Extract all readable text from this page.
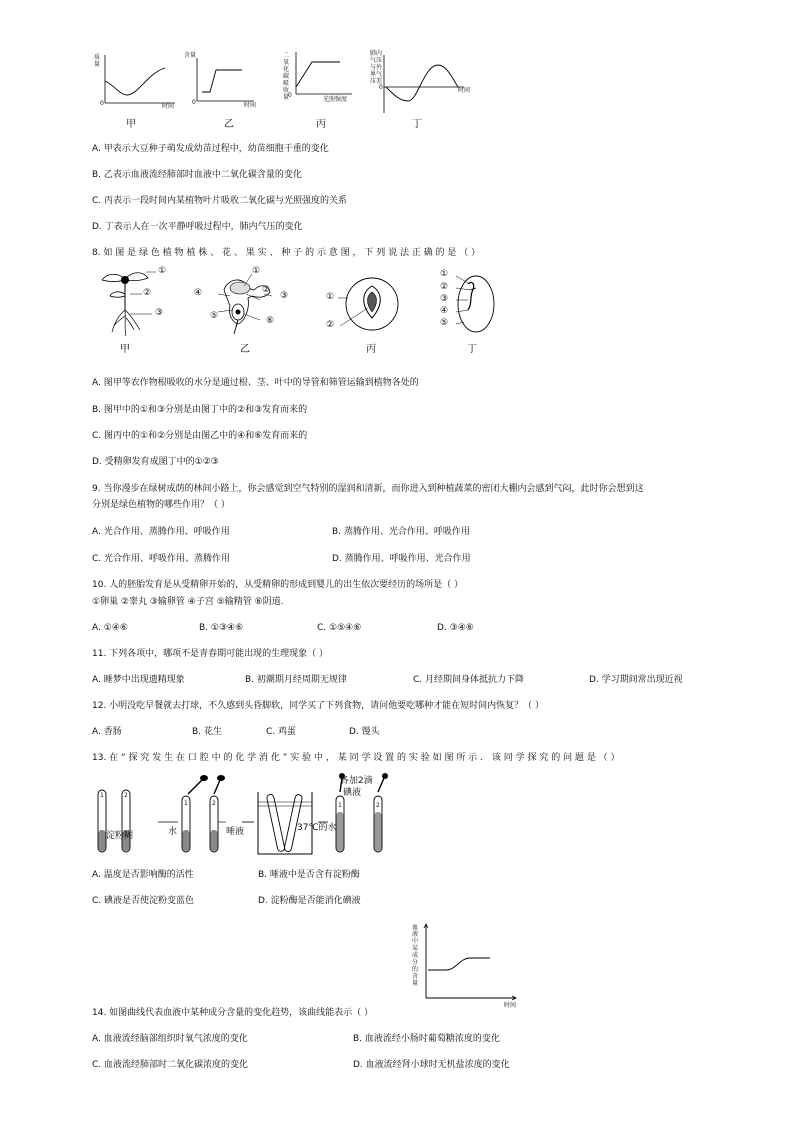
质量
0	时间
甲
含量
0	时间
乙
二氧化碳吸收量
0
光照强度
丙
肺内气压与外界气压差
0	时间
丁
A. 甲表示大豆种子萌发成幼苗过程中，幼苗细胞干重的变化
B. 乙表示血液流经肺部时血液中二氧化碳含量的变化
C. 丙表示一段时间内某植物叶片吸收二氧化碳与光照强度的关系
D. 丁表示人在一次平静呼吸过程中，肺内气压的变化
8. 如 图 是 绿 色 植 物 植 株 、 花 、 果 实 、 种 子 的 示 意 图 ， 下 列 说 法 正 确 的 是 （ ）
①
②
③
甲
①
②
③
④
⑤	⑥
乙
①
②
丙
①
②
③
④
⑤
丁
A. 图甲等农作物根吸收的水分是通过根、茎、叶中的导管和筛管运输到植物各处的
B. 图甲中的①和③分别是由图丁中的②和③发育而来的
C. 图丙中的①和②分别是由图乙中的④和⑥发育而来的
D. 受精卵发育成图丁中的①②③
9. 当你漫步在绿树成荫的林间小路上，你会感觉到空气特别的湿润和清新，而你进入到种植蔬菜的密闭大棚内会感到气闷，此时你会想到这
分别是绿色植物的哪些作用？（ ）
A. 光合作用、蒸腾作用、呼吸作用	B. 蒸腾作用、光合作用、呼吸作用
C. 光合作用、呼吸作用、蒸腾作用	D. 蒸腾作用、呼吸作用、光合作用
10. 人的胚胎发育是从受精卵开始的，从受精卵的形成到婴儿的出生依次要经历的场所是（ ）
①卵巢 ②睾丸 ③输卵管 ④子宫 ⑤输精管 ⑥阴道.
A. ①④⑥	B. ①③④⑥	C. ①⑤④⑥	D. ③④⑥
11. 下列各项中，哪项不是青春期可能出现的生理现象（ ）
A. 睡梦中出现遗精现象	B. 初潮期月经周期无规律	C. 月经期间身体抵抗力下降	D. 学习期间常出现近视
12. 小明没吃早餐就去打球，不久感到头昏脚软，同学买了下列食物，请问他要吃哪种才能在短时间内恢复？（ ）
A. 香肠	B. 花生	C. 鸡蛋	D. 馒头
13. 在 “ 探 究 发 生 在 口 腔 中 的 化 学 消 化 ” 实 验 中 ， 某 同 学 设 置 的 实 验 如 图 所 示 ． 该 同 学 探 究 的 问 题 是 （ ）
1	2
1	2	1	2
淀粉糊	水	唾液	37℃的水
各加2滴
碘液
A. 温度是否影响酶的活性	B. 唾液中是否含有淀粉酶
C. 碘液是否使淀粉变蓝色	D. 淀粉酶是否能消化碘液
血液中某成分的含量
时间
14. 如图曲线代表血液中某种成分含量的变化趋势，该曲线能表示（ ）
A. 血液流经脑部组织时氧气浓度的变化	B. 血液流经小肠时葡萄糖浓度的变化
C. 血液流经肺部时二氧化碳浓度的变化	D. 血液流经肾小球时无机盐浓度的变化
